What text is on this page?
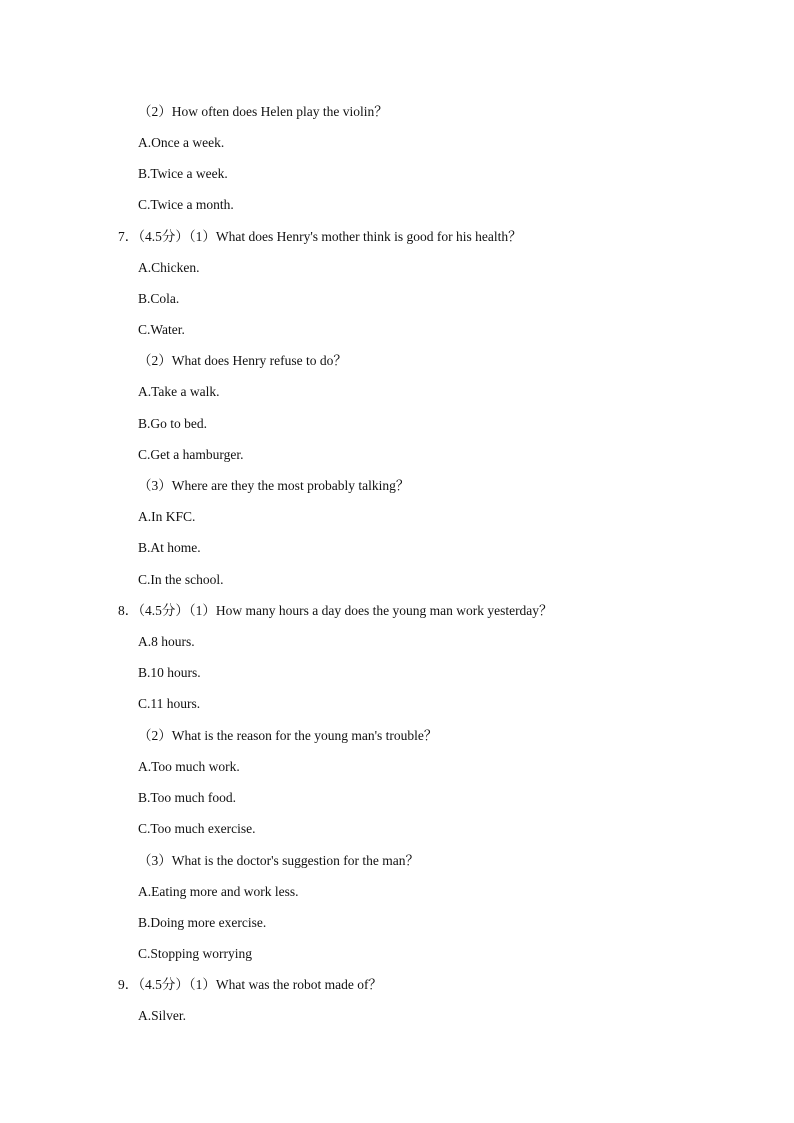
（2）How often does Helen play the violin？
A.Once a week.
B.Twice a week.
C.Twice a month.
7．（4.5分）（1）What does Henry's mother think is good for his health？
A.Chicken.
B.Cola.
C.Water.
（2）What does Henry refuse to do？
A.Take a walk.
B.Go to bed.
C.Get a hamburger.
（3）Where are they the most probably talking？
A.In KFC.
B.At home.
C.In the school.
8．（4.5分）（1）How many hours a day does the young man work yesterday？
A.8 hours.
B.10 hours.
C.11 hours.
（2）What is the reason for the young man's trouble？
A.Too much work.
B.Too much food.
C.Too much exercise.
（3）What is the doctor's suggestion for the man？
A.Eating more and work less.
B.Doing more exercise.
C.Stopping worrying
9．（4.5分）（1）What was the robot made of？
A.Silver.
